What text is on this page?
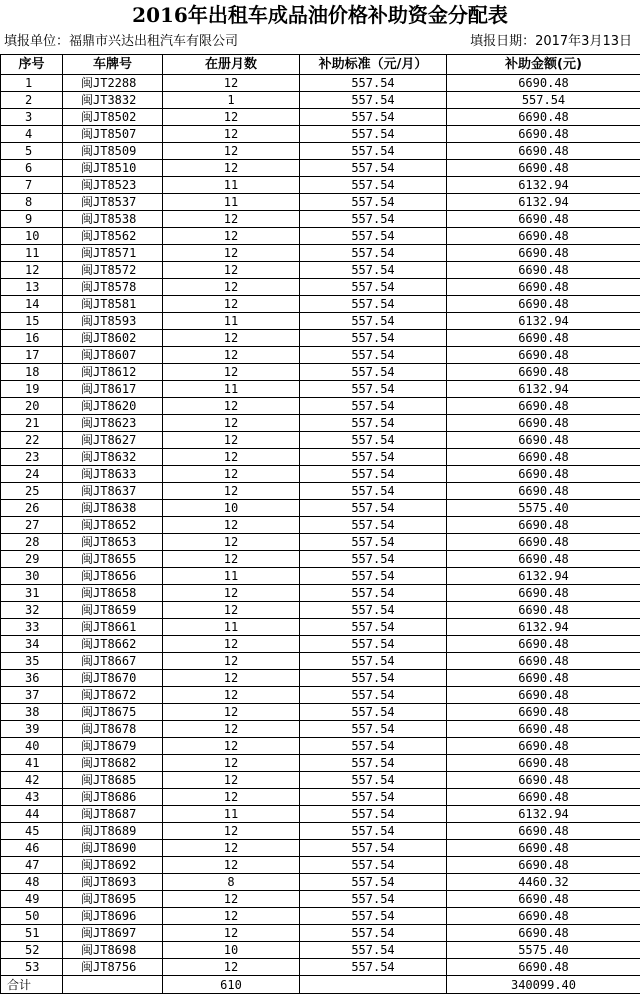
2016年出租车成品油价格补助资金分配表
填报单位：福鼎市兴达出租汽车有限公司	填报日期：2017年3月13日
序号	车牌号	在册月数	补助标准（元/月）	补助金额(元)
1	闽JT2288	12	557.54	6690.48
2	闽JT3832	1	557.54	557.54
3	闽JT8502	12	557.54	6690.48
4	闽JT8507	12	557.54	6690.48
5	闽JT8509	12	557.54	6690.48
6	闽JT8510	12	557.54	6690.48
7	闽JT8523	11	557.54	6132.94
8	闽JT8537	11	557.54	6132.94
9	闽JT8538	12	557.54	6690.48
10	闽JT8562	12	557.54	6690.48
11	闽JT8571	12	557.54	6690.48
12	闽JT8572	12	557.54	6690.48
13	闽JT8578	12	557.54	6690.48
14	闽JT8581	12	557.54	6690.48
15	闽JT8593	11	557.54	6132.94
16	闽JT8602	12	557.54	6690.48
17	闽JT8607	12	557.54	6690.48
18	闽JT8612	12	557.54	6690.48
19	闽JT8617	11	557.54	6132.94
20	闽JT8620	12	557.54	6690.48
21	闽JT8623	12	557.54	6690.48
22	闽JT8627	12	557.54	6690.48
23	闽JT8632	12	557.54	6690.48
24	闽JT8633	12	557.54	6690.48
25	闽JT8637	12	557.54	6690.48
26	闽JT8638	10	557.54	5575.40
27	闽JT8652	12	557.54	6690.48
28	闽JT8653	12	557.54	6690.48
29	闽JT8655	12	557.54	6690.48
30	闽JT8656	11	557.54	6132.94
31	闽JT8658	12	557.54	6690.48
32	闽JT8659	12	557.54	6690.48
33	闽JT8661	11	557.54	6132.94
34	闽JT8662	12	557.54	6690.48
35	闽JT8667	12	557.54	6690.48
36	闽JT8670	12	557.54	6690.48
37	闽JT8672	12	557.54	6690.48
38	闽JT8675	12	557.54	6690.48
39	闽JT8678	12	557.54	6690.48
40	闽JT8679	12	557.54	6690.48
41	闽JT8682	12	557.54	6690.48
42	闽JT8685	12	557.54	6690.48
43	闽JT8686	12	557.54	6690.48
44	闽JT8687	11	557.54	6132.94
45	闽JT8689	12	557.54	6690.48
46	闽JT8690	12	557.54	6690.48
47	闽JT8692	12	557.54	6690.48
48	闽JT8693	8	557.54	4460.32
49	闽JT8695	12	557.54	6690.48
50	闽JT8696	12	557.54	6690.48
51	闽JT8697	12	557.54	6690.48
52	闽JT8698	10	557.54	5575.40
53	闽JT8756	12	557.54	6690.48
合计		610		340099.40
